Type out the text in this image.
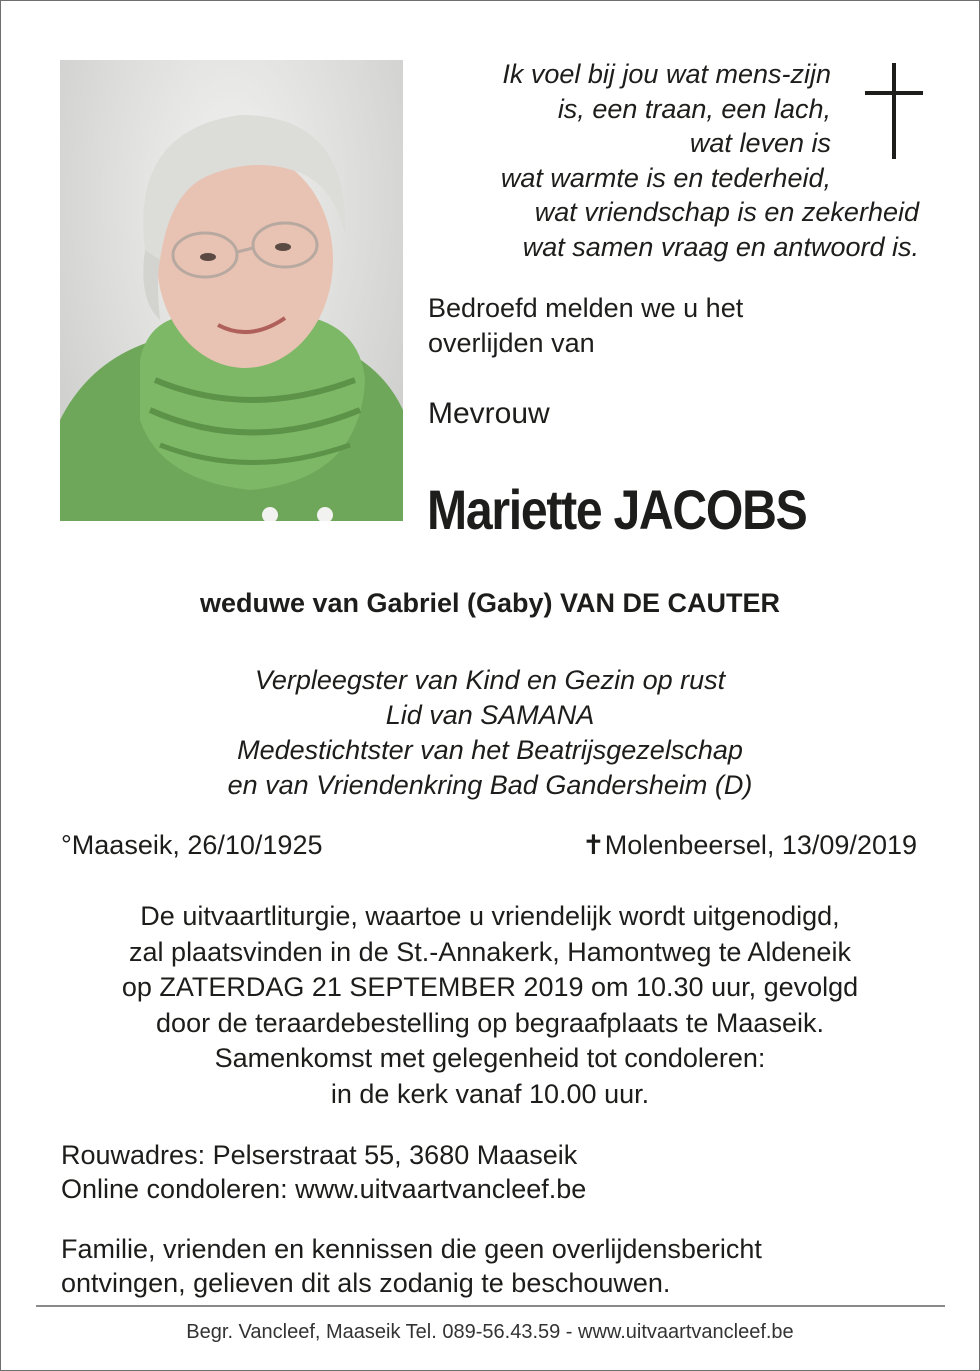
Ik voel bij jou wat mens-zijn
is, een traan, een lach,
wat leven is
wat warmte is en tederheid,
wat vriendschap is en zekerheid
wat samen vraag en antwoord is.
Bedroefd melden we u het
overlijden van
Mevrouw
Mariette JACOBS
weduwe van Gabriel (Gaby) VAN DE CAUTER
Verpleegster van Kind en Gezin op rust
Lid van SAMANA
Medestichtster van het Beatrijsgezelschap
en van Vriendenkring Bad Gandersheim (D)
°Maaseik, 26/10/1925	✝Molenbeersel, 13/09/2019
De uitvaartliturgie, waartoe u vriendelijk wordt uitgenodigd,
zal plaatsvinden in de St.-Annakerk, Hamontweg te Aldeneik
op ZATERDAG 21 SEPTEMBER 2019 om 10.30 uur, gevolgd
door de teraardebestelling op begraafplaats te Maaseik.
Samenkomst met gelegenheid tot condoleren:
in de kerk vanaf 10.00 uur.
Rouwadres: Pelserstraat 55, 3680 Maaseik
Online condoleren: www.uitvaartvancleef.be
Familie, vrienden en kennissen die geen overlijdensbericht
ontvingen, gelieven dit als zodanig te beschouwen.
Begr. Vancleef, Maaseik Tel. 089-56.43.59 - www.uitvaartvancleef.be
